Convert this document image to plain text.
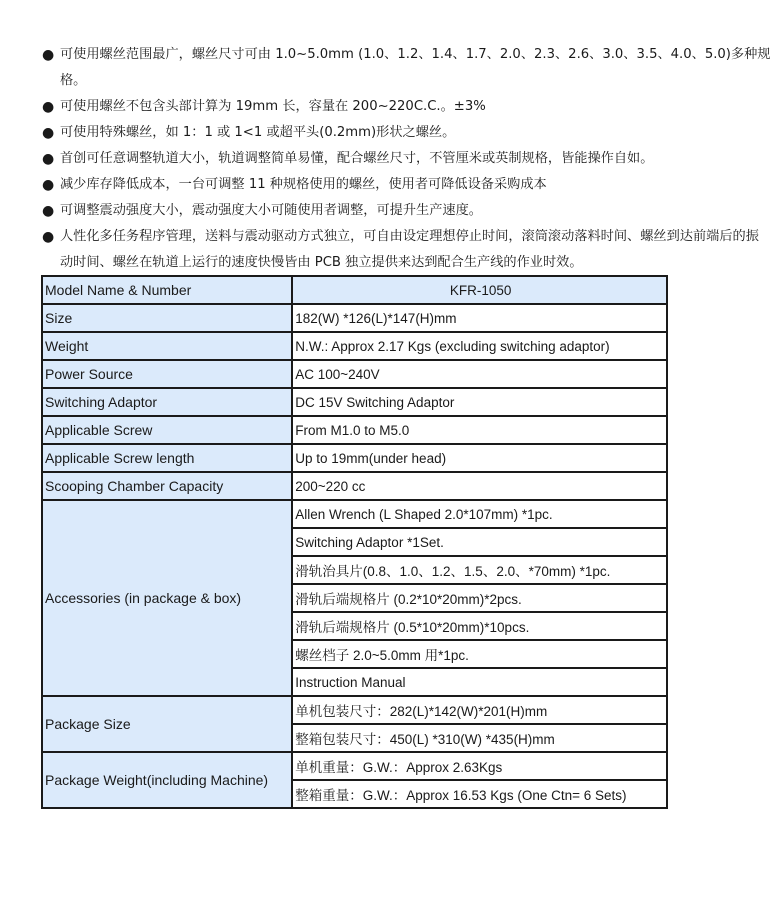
● 可使用螺丝范围最广，螺丝尺寸可由 1.0~5.0mm (1.0、1.2、1.4、1.7、2.0、2.3、2.6、3.0、3.5、4.0、5.0)多种规格。
● 可使用螺丝不包含头部计算为 19mm 长，容量在 200~220C.C.。±3%
● 可使用特殊螺丝，如 1：1 或 1<1 或超平头(0.2mm)形状之螺丝。
● 首创可任意调整轨道大小，轨道调整简单易懂，配合螺丝尺寸，不管厘米或英制规格，皆能操作自如。
● 减少库存降低成本，一台可调整 11 种规格使用的螺丝，使用者可降低设备采购成本
● 可调整震动强度大小，震动强度大小可随使用者调整，可提升生产速度。
● 人性化多任务程序管理，送料与震动驱动方式独立，可自由设定理想停止时间，滚筒滚动落料时间、螺丝到达前端后的振动时间、螺丝在轨道上运行的速度快慢皆由 PCB 独立提供来达到配合生产线的作业时效。
Model Name & Number	KFR-1050
Size	182(W) *126(L)*147(H)mm
Weight	N.W.: Approx 2.17 Kgs (excluding switching adaptor)
Power Source	AC 100~240V
Switching Adaptor	DC 15V Switching Adaptor
Applicable Screw	From M1.0 to M5.0
Applicable Screw length	Up to 19mm(under head)
Scooping Chamber Capacity	200~220 cc
Accessories (in package & box)	Allen Wrench (L Shaped 2.0*107mm) *1pc.
	Switching Adaptor *1Set.
	滑轨治具片(0.8、1.0、1.2、1.5、2.0、*70mm) *1pc.
	滑轨后端规格片 (0.2*10*20mm)*2pcs.
	滑轨后端规格片 (0.5*10*20mm)*10pcs.
	螺丝档子 2.0~5.0mm 用*1pc.
	Instruction Manual
Package Size	单机包装尺寸：282(L)*142(W)*201(H)mm
	整箱包装尺寸：450(L) *310(W) *435(H)mm
Package Weight(including Machine)	单机重量：G.W.：Approx 2.63Kgs
	整箱重量：G.W.：Approx 16.53 Kgs (One Ctn= 6 Sets)
